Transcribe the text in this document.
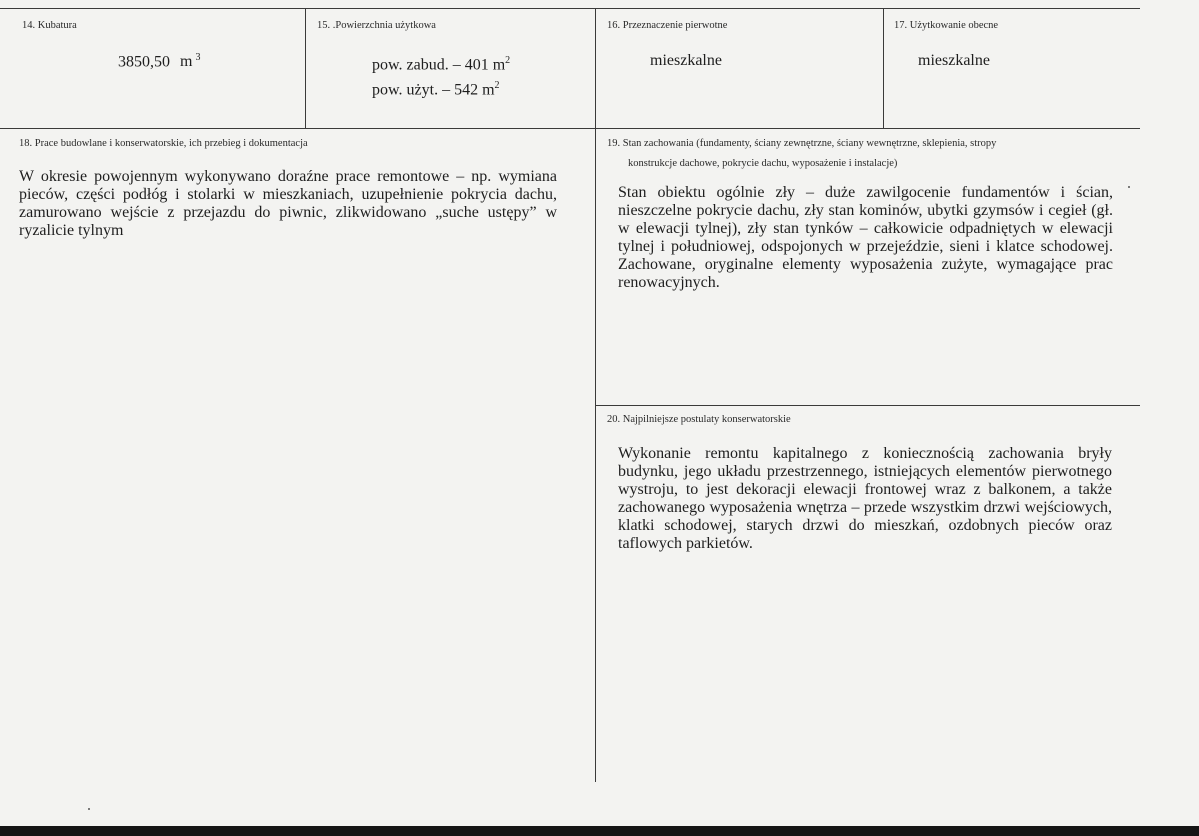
14. Kubatura
3850,50 m $^3$
15. .Powierzchnia użytkowa
pow. zabud. – 401 $m^2$
pow. użyt. – 542 $m^2$
16. Przeznaczenie pierwotne
mieszkalne
17. Użytkowanie obecne
mieszkalne
18. Prace budowlane i konserwatorskie, ich przebieg i dokumentacja
W okresie powojennym wykonywano doraźne prace remontowe – np. wymiana pieców, części podłóg i stolarki w mieszkaniach, uzupełnienie pokrycia dachu, zamurowano wejście z przejazdu do piwnic, zlikwidowano „suche ustępy” w ryzalicie tylnym
19. Stan zachowania (fundamenty, ściany zewnętrzne, ściany wewnętrzne, sklepienia, stropy
konstrukcje dachowe, pokrycie dachu, wyposażenie i instalacje)
Stan obiektu ogólnie zły – duże zawilgocenie fundamentów i ścian, nieszczelne pokrycie dachu, zły stan kominów, ubytki gzymsów i cegieł (gł. w elewacji tylnej), zły stan tynków – całkowicie odpadniętych w elewacji tylnej i południowej, odspojonych w przejeździe, sieni i klatce schodowej. Zachowane, oryginalne elementy wyposażenia zużyte, wymagające prac renowacyjnych.
20. Najpilniejsze postulaty konserwatorskie
Wykonanie remontu kapitalnego z koniecznością zachowania bryły budynku, jego układu przestrzennego, istniejących elementów pierwotnego wystroju, to jest dekoracji elewacji frontowej wraz z balkonem, a także zachowanego wyposażenia wnętrza – przede wszystkim drzwi wejściowych, klatki schodowej, starych drzwi do mieszkań, ozdobnych pieców oraz taflowych parkietów.
